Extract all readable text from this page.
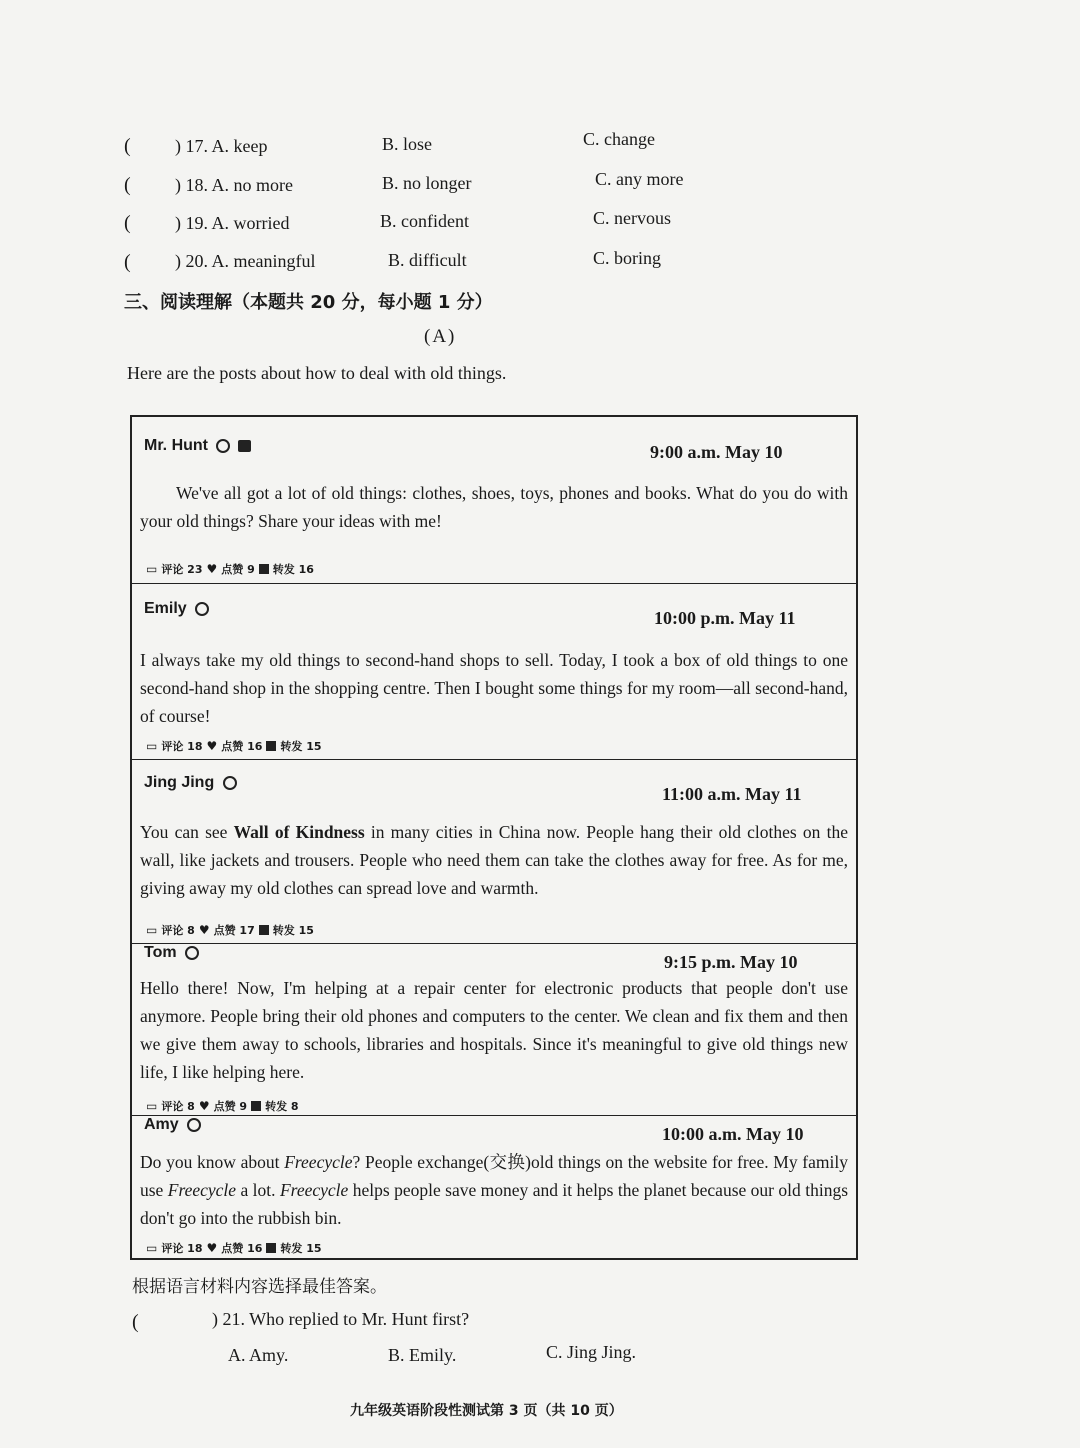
( ) 17. A. keep	B. lose	C. change
( ) 18. A. no more	B. no longer	C. any more
( ) 19. A. worried	B. confident	C. nervous
( ) 20. A. meaningful	B. difficult	C. boring
三、阅读理解（本题共 20 分，每小题 1 分）
(A)
Here are the posts about how to deal with old things.
Mr. Hunt	9:00 a.m. May 10
We've all got a lot of old things: clothes, shoes, toys, phones and books. What do you do with your old things? Share your ideas with me!
▭ 评论 23 ♥ 点赞 9 转发 16
Emily	10:00 p.m. May 11
I always take my old things to second-hand shops to sell. Today, I took a box of old things to one second-hand shop in the shopping centre. Then I bought some things for my room—all second-hand, of course!
▭ 评论 18 ♥ 点赞 16 转发 15
Jing Jing
11:00 a.m. May 11
You can see Wall of Kindness in many cities in China now. People hang their old clothes on the wall, like jackets and trousers. People who need them can take the clothes away for free. As for me, giving away my old clothes can spread love and warmth.
▭ 评论 8 ♥ 点赞 17 转发 15
Tom	9:15 p.m. May 10
Hello there! Now, I'm helping at a repair center for electronic products that people don't use anymore. People bring their old phones and computers to the center. We clean and fix them and then we give them away to schools, libraries and hospitals. Since it's meaningful to give old things new life, I like helping here.
▭ 评论 8 ♥ 点赞 9 转发 8
Amy	10:00 a.m. May 10
Do you know about Freecycle? People exchange(交换)old things on the website for free. My family use Freecycle a lot. Freecycle helps people save money and it helps the planet because our old things don't go into the rubbish bin.
▭ 评论 18 ♥ 点赞 16 转发 15
根据语言材料内容选择最佳答案。
(	) 21. Who replied to Mr. Hunt first?
A. Amy.	B. Emily.	C. Jing Jing.
九年级英语阶段性测试第 3 页（共 10 页）
